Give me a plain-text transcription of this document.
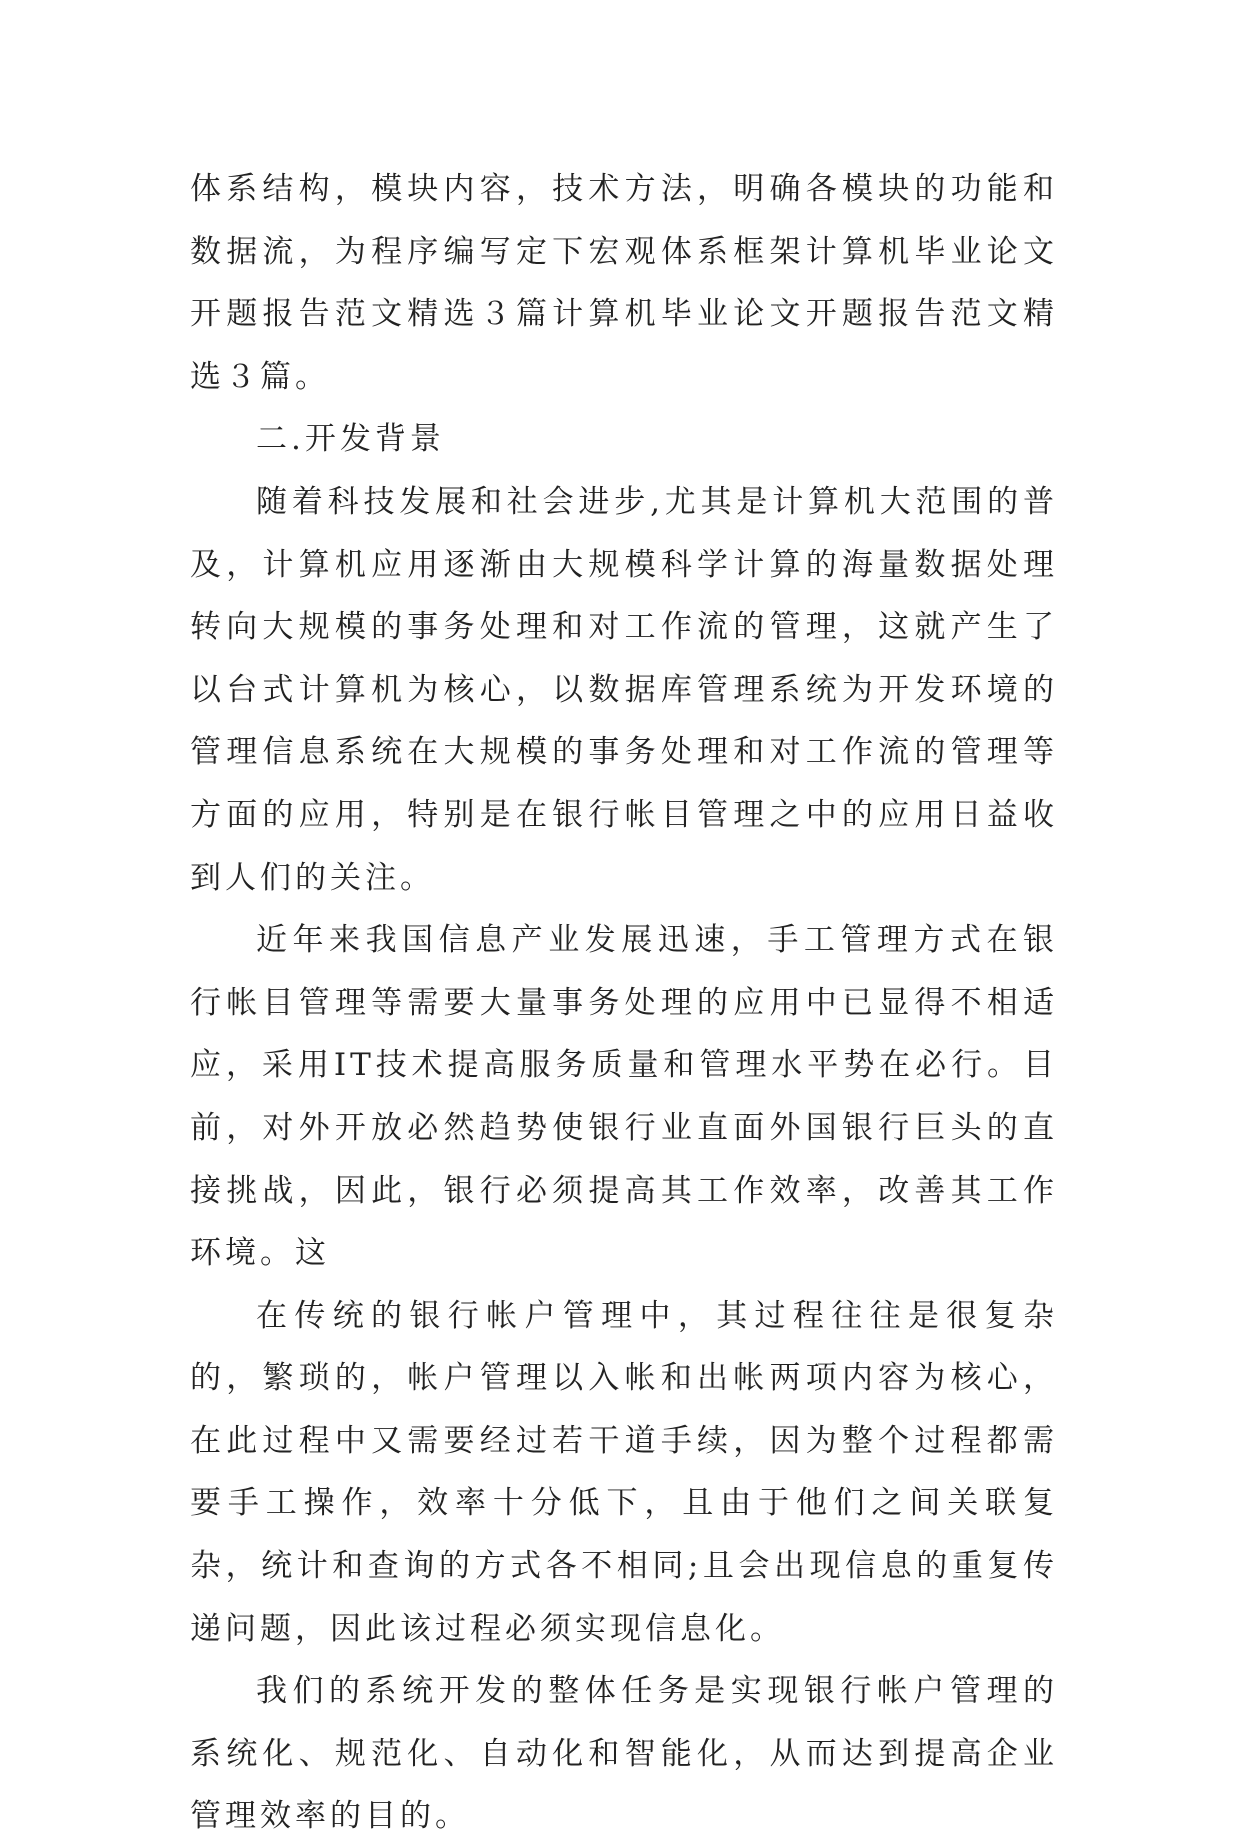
体系结构，模块内容，技术方法，明确各模块的功能和数据流，为程序编写定下宏观体系框架计算机毕业论文开题报告范文精选３篇计算机毕业论文开题报告范文精选３篇。

二.开发背景

随着科技发展和社会进步,尤其是计算机大范围的普及，计算机应用逐渐由大规模科学计算的海量数据处理转向大规模的事务处理和对工作流的管理，这就产生了以台式计算机为核心，以数据库管理系统为开发环境的管理信息系统在大规模的事务处理和对工作流的管理等方面的应用，特别是在银行帐目管理之中的应用日益收到人们的关注。

近年来我国信息产业发展迅速，手工管理方式在银行帐目管理等需要大量事务处理的应用中已显得不相适应，采用IT技术提高服务质量和管理水平势在必行。目前，对外开放必然趋势使银行业直面外国银行巨头的直接挑战，因此，银行必须提高其工作效率，改善其工作环境。这

在传统的银行帐户管理中，其过程往往是很复杂的，繁琐的，帐户管理以入帐和出帐两项内容为核心，在此过程中又需要经过若干道手续，因为整个过程都需要手工操作，效率十分低下，且由于他们之间关联复杂，统计和查询的方式各不相同;且会出现信息的重复传递问题，因此该过程必须实现信息化。

我们的系统开发的整体任务是实现银行帐户管理的系统化、规范化、自动化和智能化，从而达到提高企业管理效率的目的。
